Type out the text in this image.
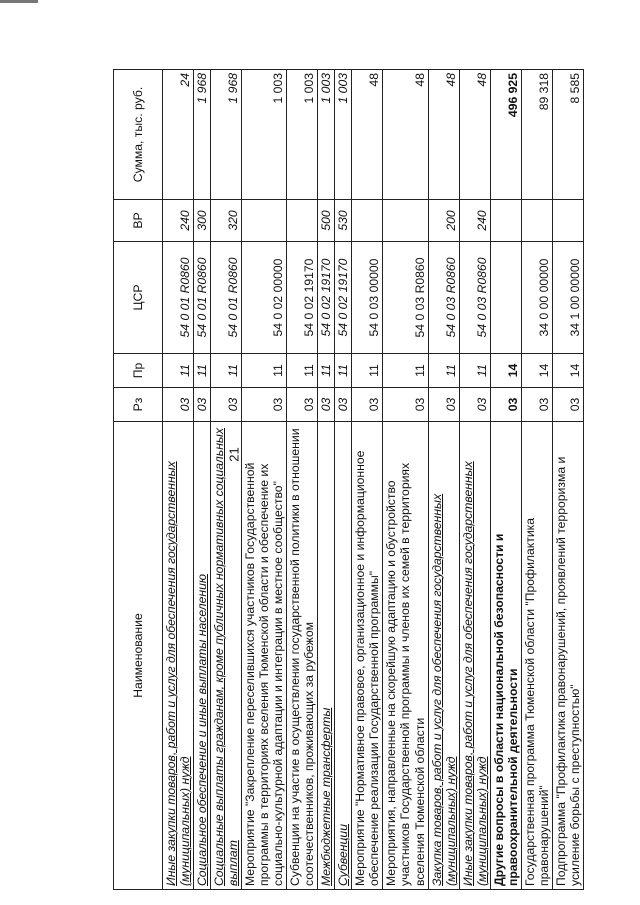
21
Наименование	Рз	Пр	ЦСР	ВР	Сумма, тыс. руб.
Иные закупки товаров, работ и услуг для обеспечения государственных (муниципальных) нужд	03	11	54 0 01 R0860	240	24
Социальное обеспечение и иные выплаты населению	03	11	54 0 01 R0860	300	1 968
Социальные выплаты гражданам, кроме публичных нормативных социальных выплат	03	11	54 0 01 R0860	320	1 968
Мероприятие "Закрепление переселившихся участников Государственной программы в территориях вселения Тюменской области и обеспечение их социально-культурной адаптации и интеграции в местное сообщество"	03	11	54 0 02 00000		1 003
Субвенции на участие в осуществлении государственной политики в отношении соотечественников, проживающих за рубежом	03	11	54 0 02 19170		1 003
Межбюджетные трансферты	03	11	54 0 02 19170	500	1 003
Субвенции	03	11	54 0 02 19170	530	1 003
Мероприятие "Нормативное правовое, организационное и информационное обеспечение реализации Государственной программы"	03	11	54 0 03 00000		48
Мероприятия, направленные на скорейшую адаптацию и обустройство участников Государственной программы и членов их семей в территориях вселения Тюменской области	03	11	54 0 03 R0860		48
Закупка товаров, работ и услуг для обеспечения государственных (муниципальных) нужд	03	11	54 0 03 R0860	200	48
Иные закупки товаров, работ и услуг для обеспечения государственных (муниципальных) нужд	03	11	54 0 03 R0860	240	48
Другие вопросы в области национальной безопасности и правоохранительной деятельности	03	14			496 925
Государственная программа Тюменской области "Профилактика правонарушений"	03	14	34 0 00 00000		89 318
Подпрограмма "Профилактика правонарушений, проявлений терроризма и усиление борьбы с преступностью"	03	14	34 1 00 00000		8 585
